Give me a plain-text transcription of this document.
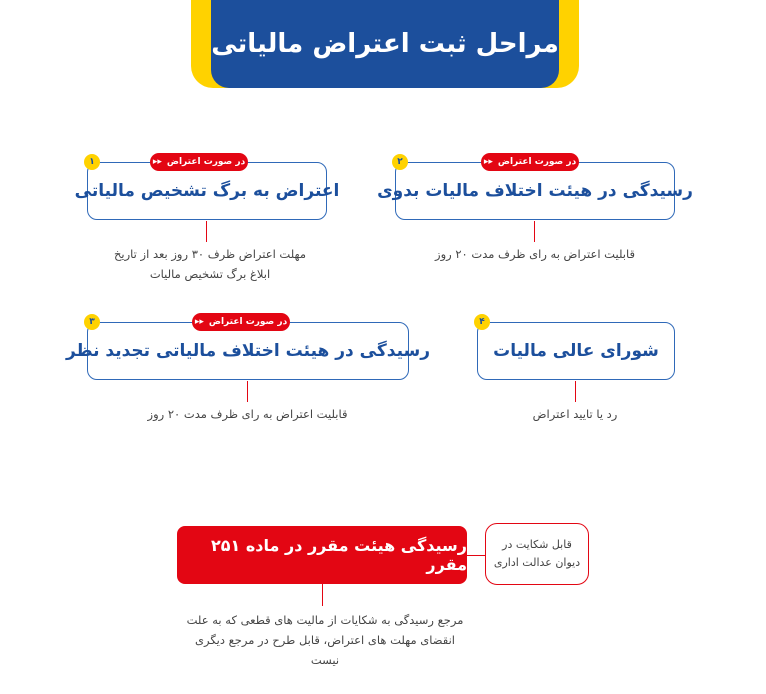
مراحل ثبت اعتراض مالیاتی
اعتراض به برگ تشخیص مالیاتی
در صورت اعتراض
▸▸
۱
مهلت اعتراض ظرف ۳۰ روز بعد از تاریخ
ابلاغ برگ تشخیص مالیات
رسیدگی در هیئت اختلاف مالیات بدوی
در صورت اعتراض
▸▸
۲
قابلیت اعتراض به رای ظرف مدت ۲۰ روز
رسیدگی در هیئت اختلاف مالیاتی تجدید نظر
در صورت اعتراض
▸▸
۳
قابلیت اعتراض به رای ظرف مدت ۲۰ روز
شورای عالی مالیات
۴
رد یا تایید اعتراض
رسیدگی هیئت مقرر در ماده ۲۵۱ مقرر
قابل شکایت در
دیوان عدالت اداری
مرجع رسیدگی به شکایات از مالیت های قطعی که به علت
انقضای مهلت های اعتراض، قابل طرح در مرجع دیگری
نیست
